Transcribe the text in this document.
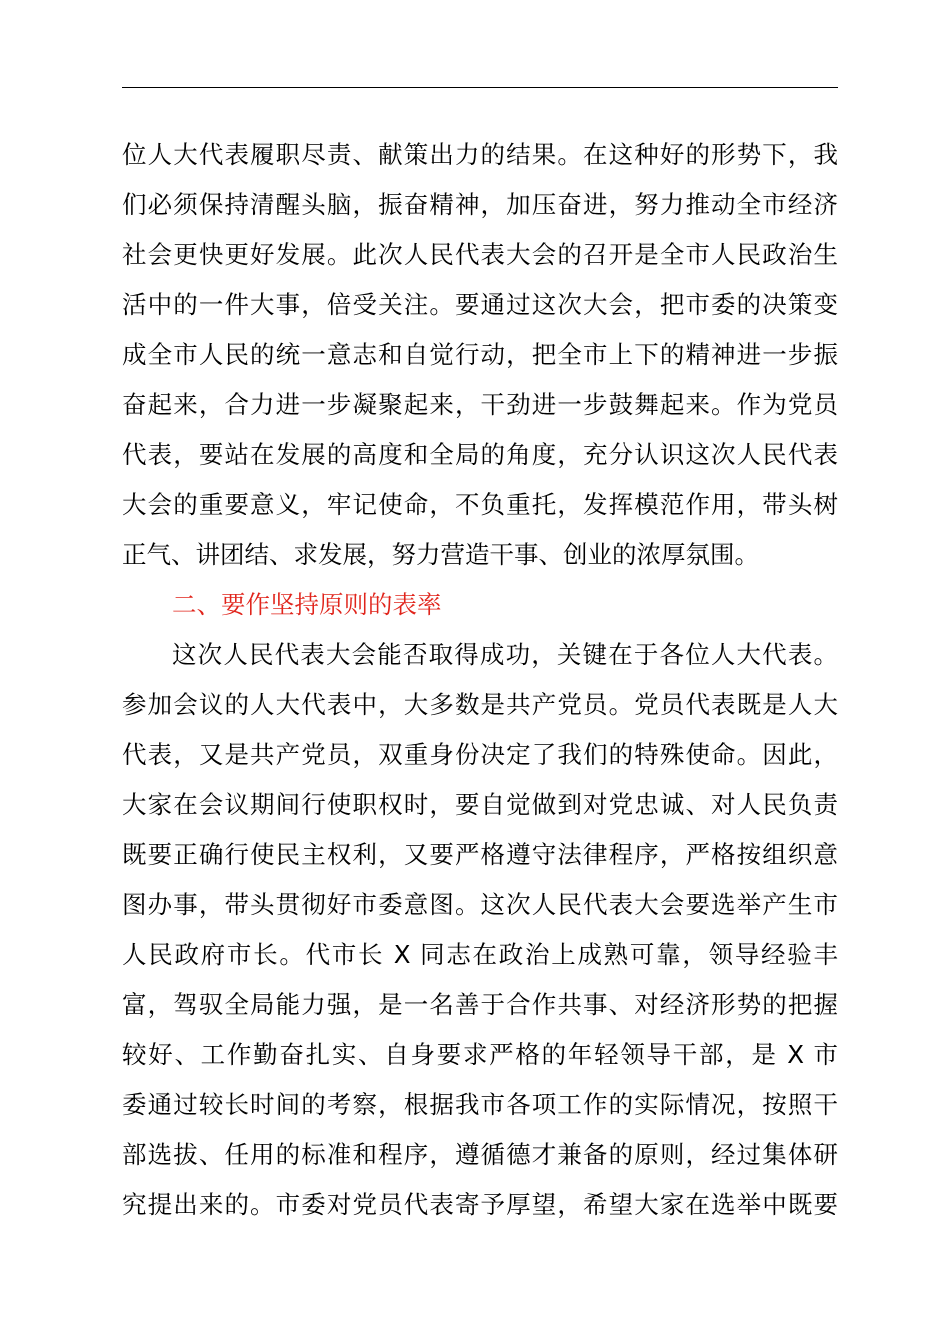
位人大代表履职尽责、献策出力的结果。在这种好的形势下，我
们必须保持清醒头脑，振奋精神，加压奋进，努力推动全市经济
社会更快更好发展。此次人民代表大会的召开是全市人民政治生
活中的一件大事，倍受关注。要通过这次大会，把市委的决策变
成全市人民的统一意志和自觉行动，把全市上下的精神进一步振
奋起来，合力进一步凝聚起来，干劲进一步鼓舞起来。作为党员
代表，要站在发展的高度和全局的角度，充分认识这次人民代表
大会的重要意义，牢记使命，不负重托，发挥模范作用，带头树
正气、讲团结、求发展，努力营造干事、创业的浓厚氛围。
二、要作坚持原则的表率
这次人民代表大会能否取得成功，关键在于各位人大代表。
参加会议的人大代表中，大多数是共产党员。党员代表既是人大
代表，又是共产党员，双重身份决定了我们的特殊使命。因此，
大家在会议期间行使职权时，要自觉做到对党忠诚、对人民负责
既要正确行使民主权利，又要严格遵守法律程序，严格按组织意
图办事，带头贯彻好市委意图。这次人民代表大会要选举产生市
人民政府市长。代市长 X 同志在政治上成熟可靠，领导经验丰
富，驾驭全局能力强，是一名善于合作共事、对经济形势的把握
较好、工作勤奋扎实、自身要求严格的年轻领导干部，是 X 市
委通过较长时间的考察，根据我市各项工作的实际情况，按照干
部选拔、任用的标准和程序，遵循德才兼备的原则，经过集体研
究提出来的。市委对党员代表寄予厚望，希望大家在选举中既要
